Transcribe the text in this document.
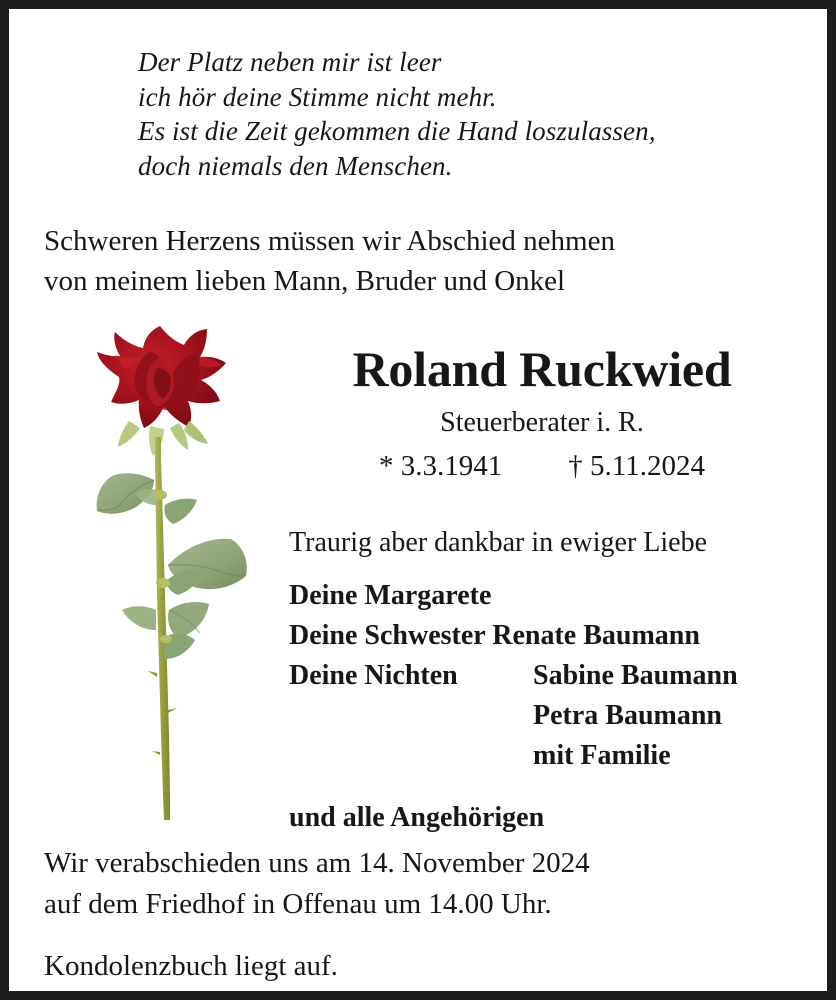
Der Platz neben mir ist leer
ich hör deine Stimme nicht mehr.
Es ist die Zeit gekommen die Hand loszulassen,
doch niemals den Menschen.
Schweren Herzens müssen wir Abschied nehmen
von meinem lieben Mann, Bruder und Onkel
Roland Ruckwied
Steuerberater i. R.
* 3.3.1941 † 5.11.2024
Traurig aber dankbar in ewiger Liebe
Deine Margarete
Deine Schwester Renate Baumann
Deine Nichten	Sabine Baumann
Petra Baumann
mit Familie
und alle Angehörigen
Wir verabschieden uns am 14. November 2024
auf dem Friedhof in Offenau um 14.00 Uhr.
Kondolenzbuch liegt auf.
